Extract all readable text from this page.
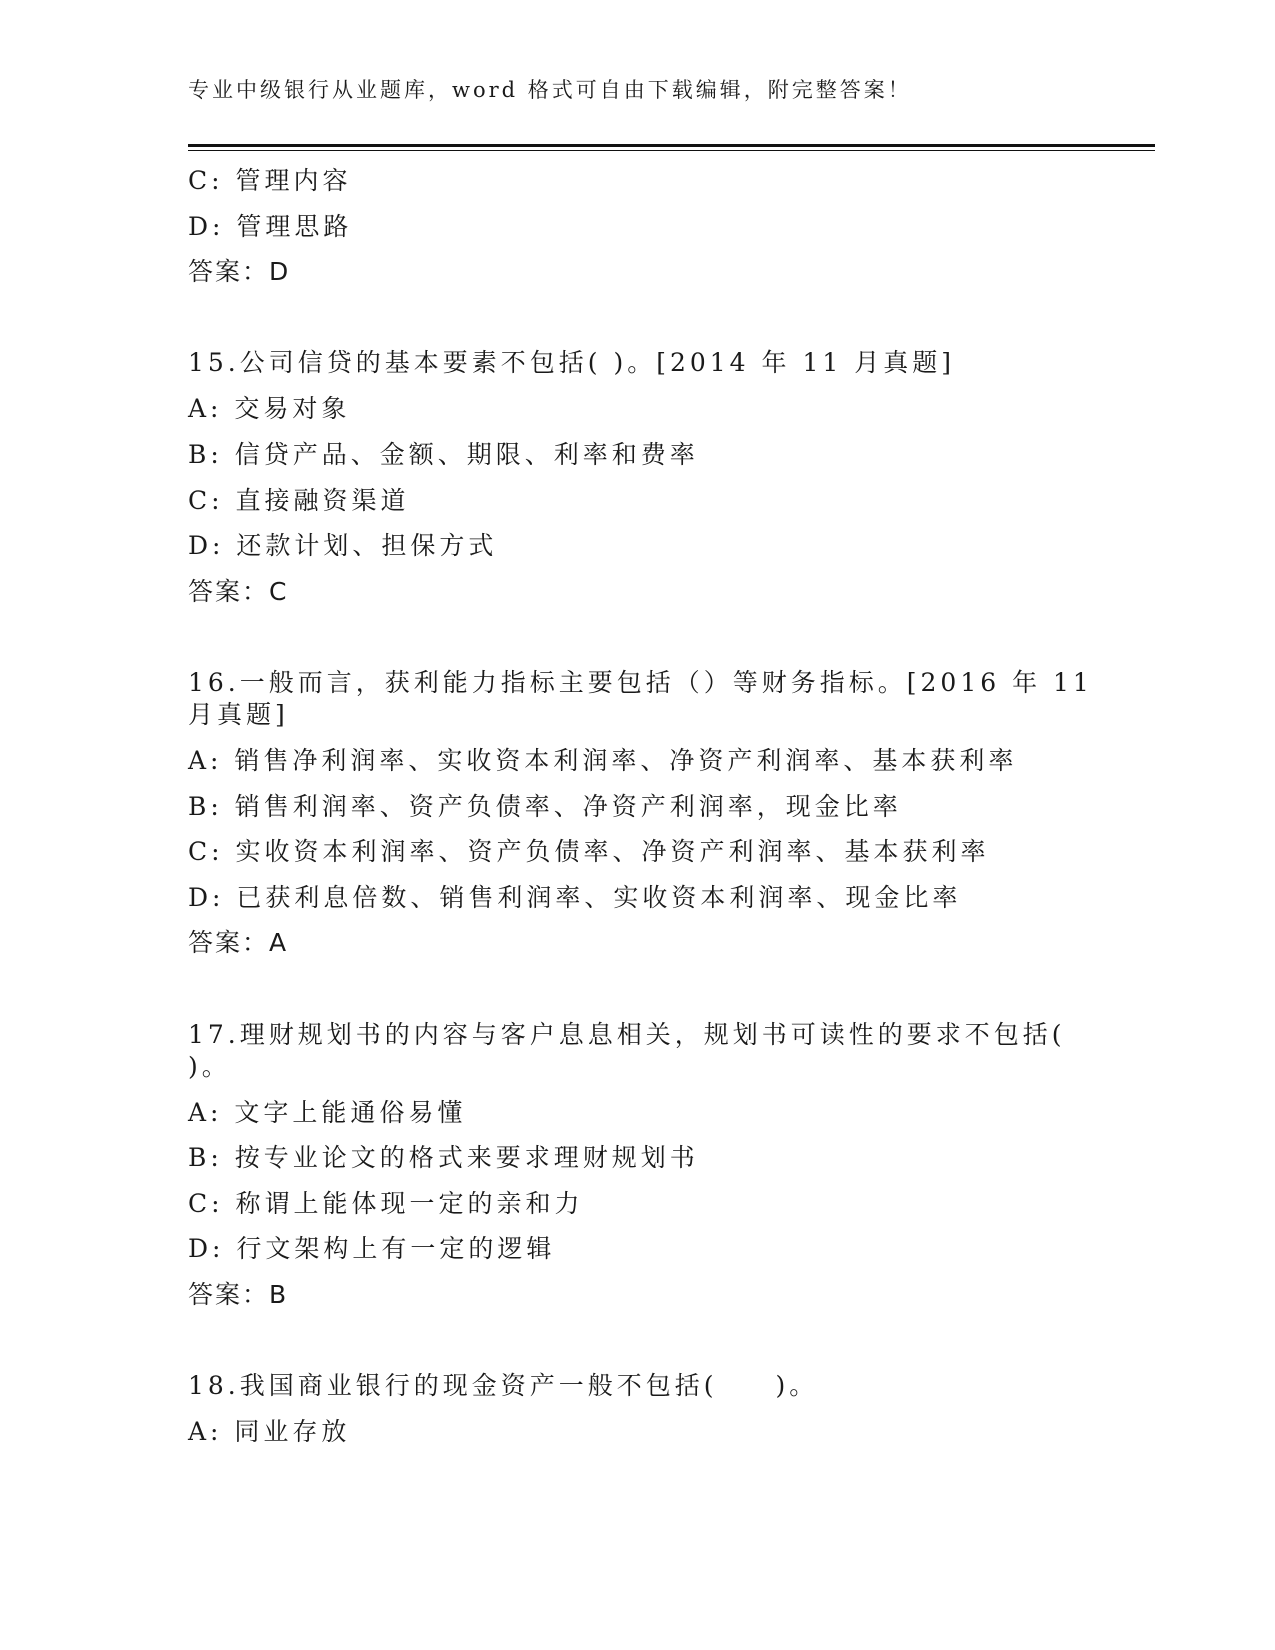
专业中级银行从业题库，word 格式可自由下载编辑，附完整答案！
C: 管理内容
D: 管理思路
答案：D
15.公司信贷的基本要素不包括( )。[2014 年 11 月真题]
A: 交易对象
B: 信贷产品、金额、期限、利率和费率
C: 直接融资渠道
D: 还款计划、担保方式
答案：C
16.一般而言，获利能力指标主要包括（）等财务指标。[2016 年 11 月真题]
A: 销售净利润率、实收资本利润率、净资产利润率、基本获利率
B: 销售利润率、资产负债率、净资产利润率，现金比率
C: 实收资本利润率、资产负债率、净资产利润率、基本获利率
D: 已获利息倍数、销售利润率、实收资本利润率、现金比率
答案：A
17.理财规划书的内容与客户息息相关，规划书可读性的要求不包括( )。
A: 文字上能通俗易懂
B: 按专业论文的格式来要求理财规划书
C: 称谓上能体现一定的亲和力
D: 行文架构上有一定的逻辑
答案：B
18.我国商业银行的现金资产一般不包括(　　)。
A: 同业存放
